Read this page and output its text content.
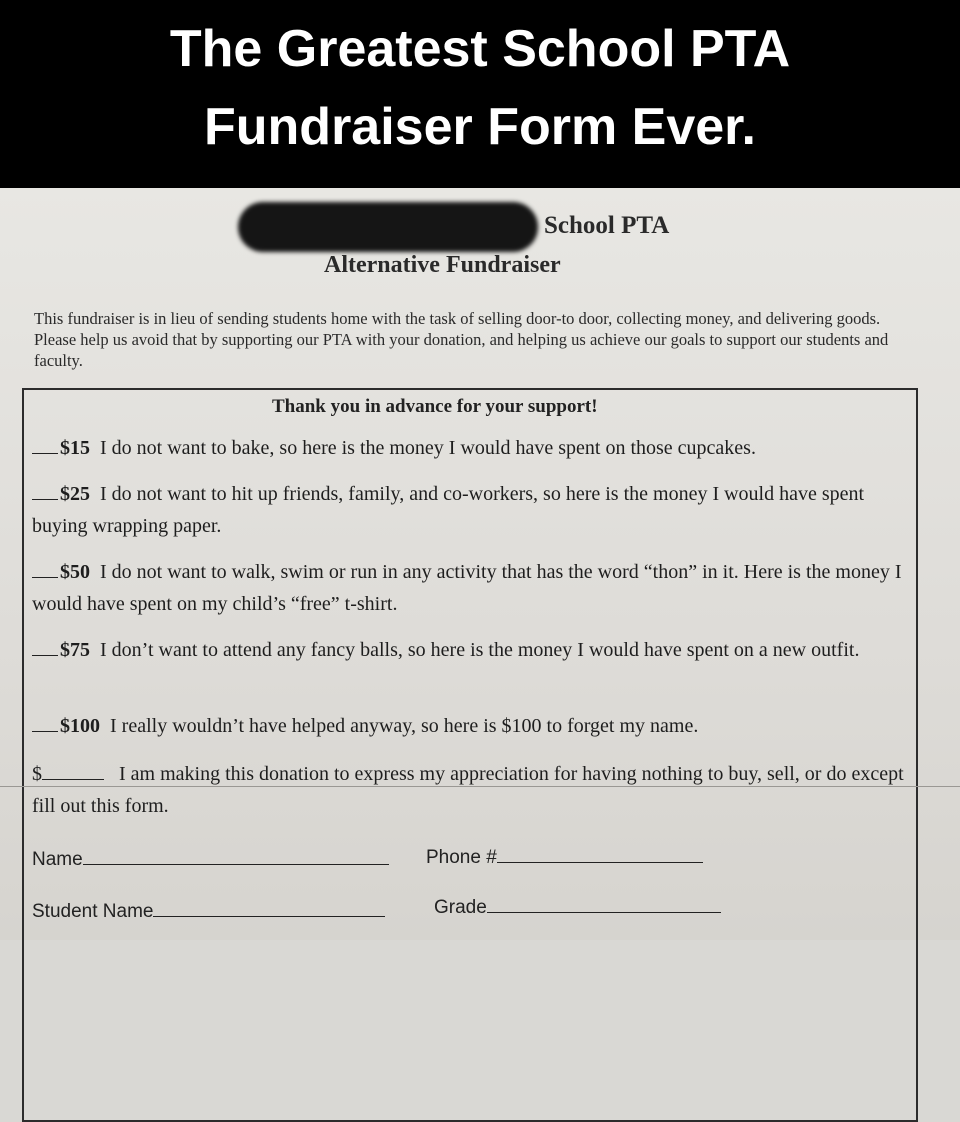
The Greatest School PTA
Fundraiser Form Ever.
School PTA
Alternative Fundraiser
This fundraiser is in lieu of sending students home with the task of selling door-to door, collecting money, and delivering goods. Please help us avoid that by supporting our PTA with your donation, and helping us achieve our goals to support our students and faculty.
Thank you in advance for your support!
$15 I do not want to bake, so here is the money I would have spent on those cupcakes.
$25 I do not want to hit up friends, family, and co-workers, so here is the money I would have spent buying wrapping paper.
$50 I do not want to walk, swim or run in any activity that has the word “thon” in it. Here is the money I would have spent on my child’s “free” t-shirt.
$75 I don’t want to attend any fancy balls, so here is the money I would have spent on a new outfit.
$100 I really wouldn’t have helped anyway, so here is $100 to forget my name.
$	I am making this donation to express my appreciation for having nothing to buy, sell, or do except fill out this form.
Name	Phone #
Student Name	Grade
